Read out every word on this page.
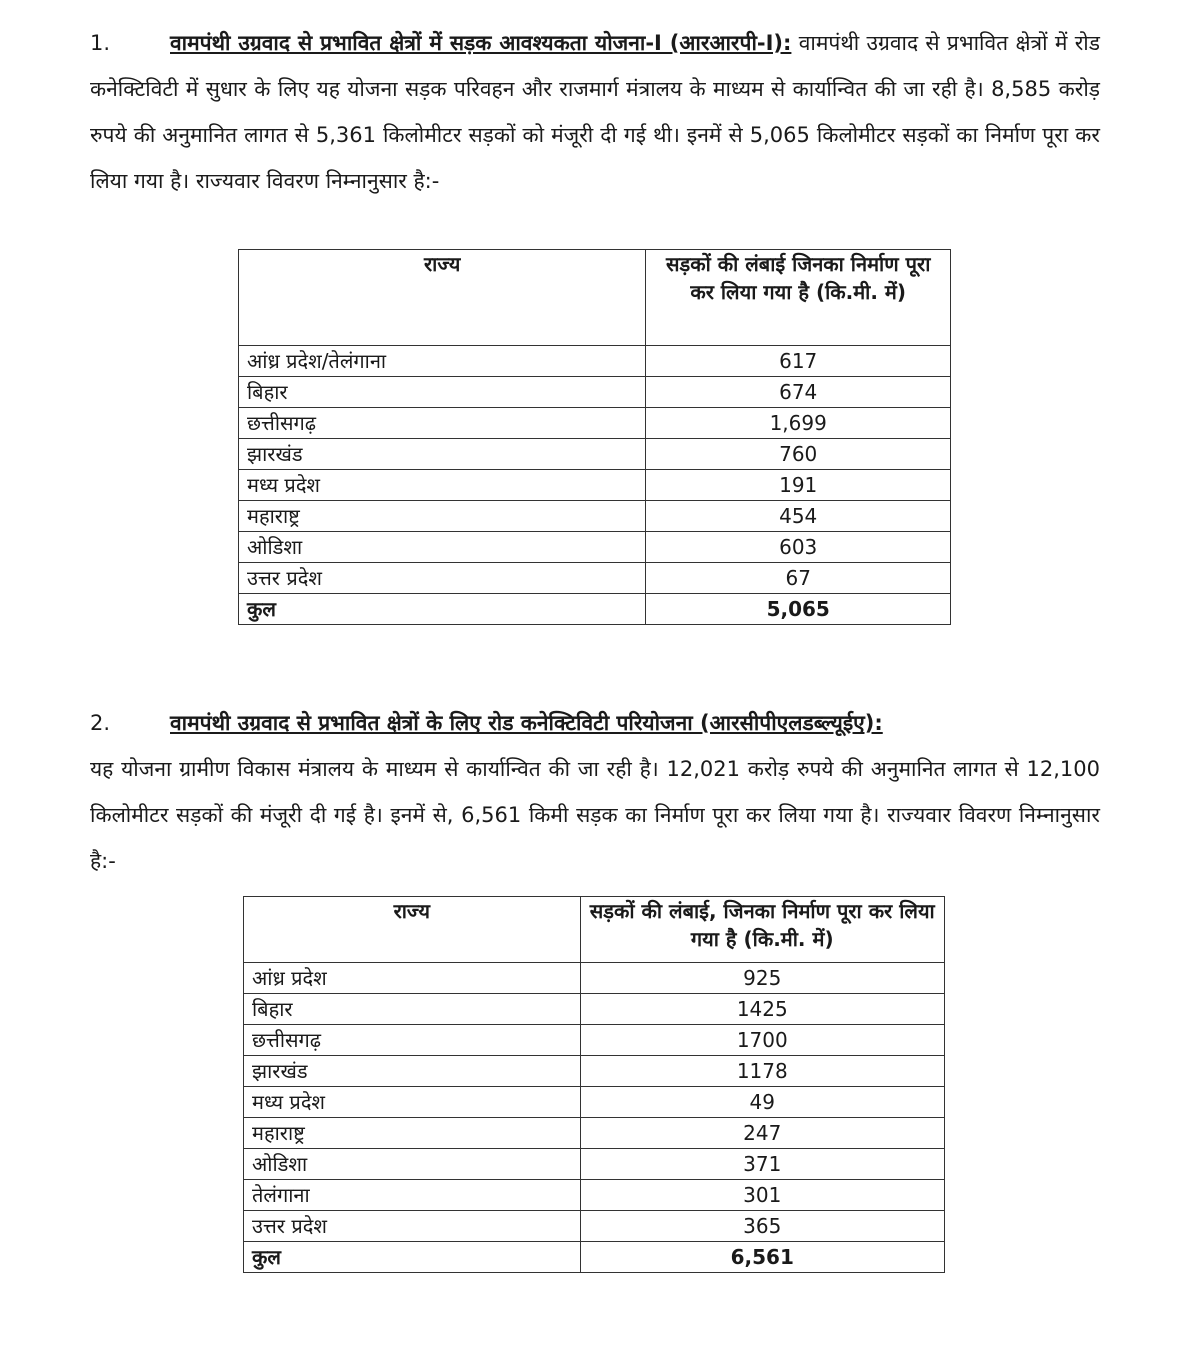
1.	वामपंथी उग्रवाद से प्रभावित क्षेत्रों में सड़क आवश्यकता योजना-I (आरआरपी-I): वामपंथी उग्रवाद से प्रभावित क्षेत्रों में रोड कनेक्टिविटी में सुधार के लिए यह योजना सड़क परिवहन और राजमार्ग मंत्रालय के माध्यम से कार्यान्वित की जा रही है। 8,585 करोड़ रुपये की अनुमानित लागत से 5,361 किलोमीटर सड़कों को मंजूरी दी गई थी। इनमें से 5,065 किलोमीटर सड़कों का निर्माण पूरा कर लिया गया है। राज्यवार विवरण निम्नानुसार है:-
राज्य	सड़कों की लंबाई जिनका निर्माण पूरा कर लिया गया है (कि.मी. में)
आंध्र प्रदेश/तेलंगाना	617
बिहार	674
छत्तीसगढ़	1,699
झारखंड	760
मध्य प्रदेश	191
महाराष्ट्र	454
ओडिशा	603
उत्तर प्रदेश	67
कुल	5,065
2.	वामपंथी उग्रवाद से प्रभावित क्षेत्रों के लिए रोड कनेक्टिविटी परियोजना (आरसीपीएलडब्ल्यूईए):
यह योजना ग्रामीण विकास मंत्रालय के माध्यम से कार्यान्वित की जा रही है। 12,021 करोड़ रुपये की अनुमानित लागत से 12,100 किलोमीटर सड़कों की मंजूरी दी गई है। इनमें से, 6,561 किमी सड़क का निर्माण पूरा कर लिया गया है। राज्यवार विवरण निम्नानुसार है:-
राज्य	सड़कों की लंबाई, जिनका निर्माण पूरा कर लिया गया है (कि.मी. में)
आंध्र प्रदेश	925
बिहार	1425
छत्तीसगढ़	1700
झारखंड	1178
मध्य प्रदेश	49
महाराष्ट्र	247
ओडिशा	371
तेलंगाना	301
उत्तर प्रदेश	365
कुल	6,561
